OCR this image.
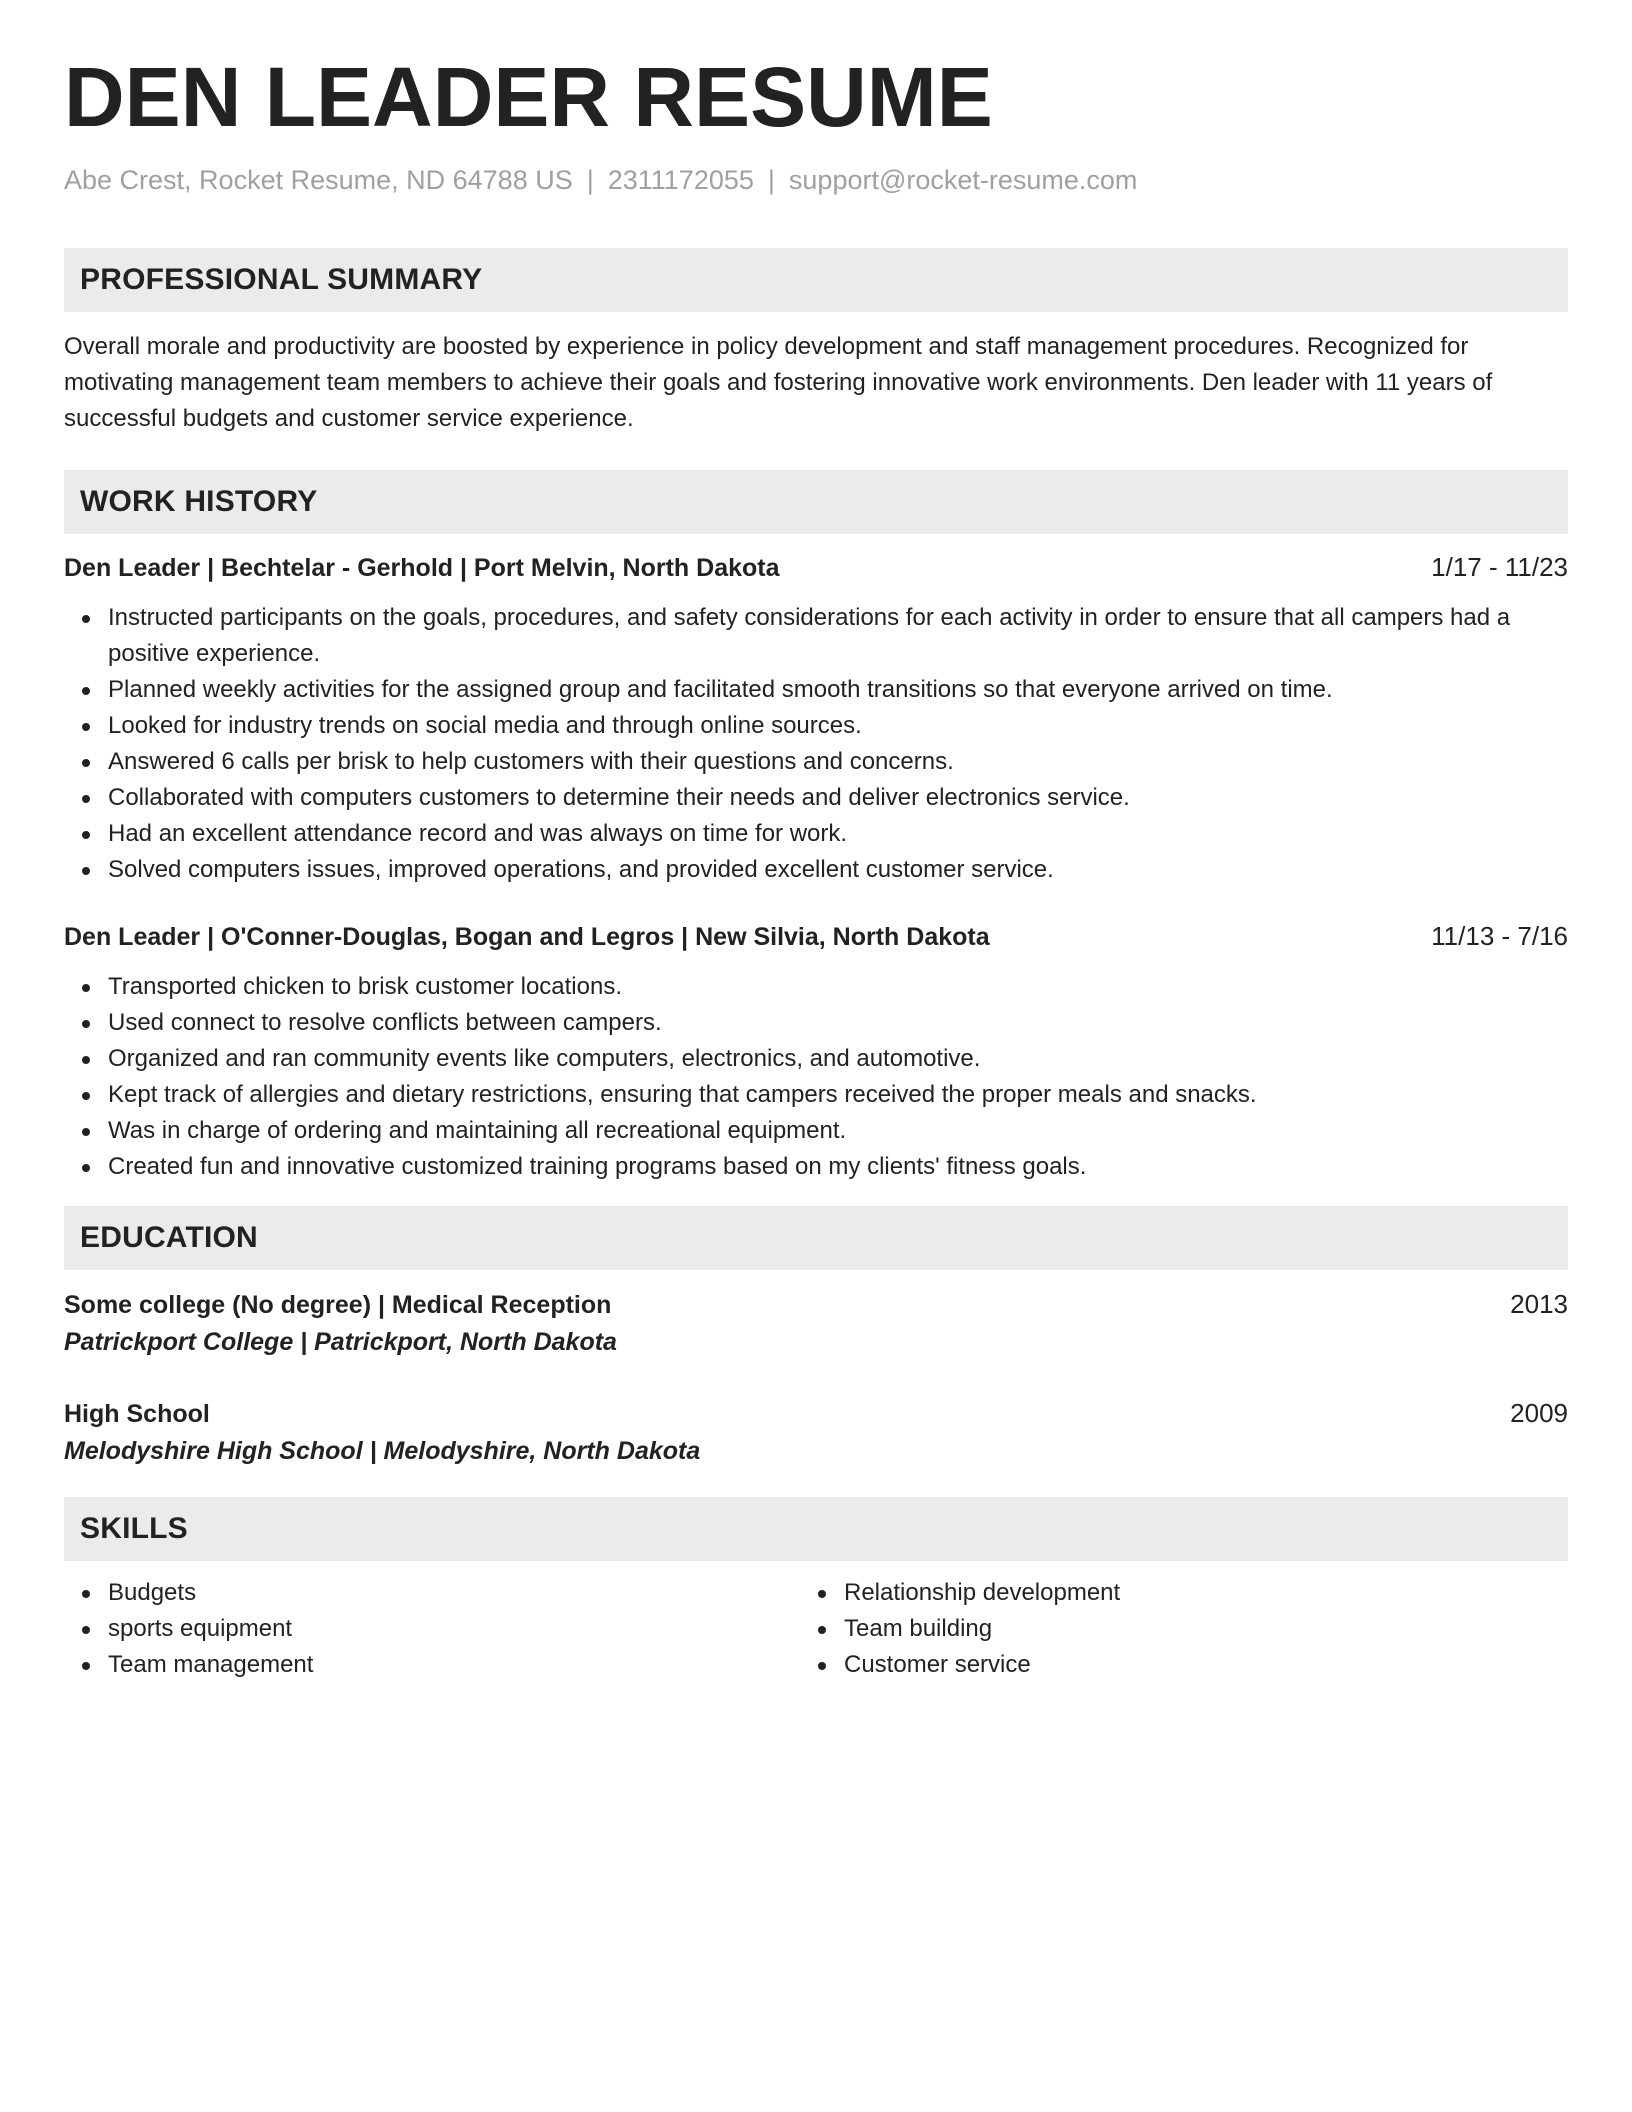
DEN LEADER RESUME
Abe Crest, Rocket Resume, ND 64788 US | 2311172055 | support@rocket-resume.com
PROFESSIONAL SUMMARY

Overall morale and productivity are boosted by experience in policy development and staff management procedures. Recognized for motivating management team members to achieve their goals and fostering innovative work environments. Den leader with 11 years of successful budgets and customer service experience.

WORK HISTORY
Den Leader | Bechtelar - Gerhold | Port Melvin, North Dakota	1/17 - 11/23
Instructed participants on the goals, procedures, and safety considerations for each activity in order to ensure that all campers had a positive experience.
Planned weekly activities for the assigned group and facilitated smooth transitions so that everyone arrived on time.
Looked for industry trends on social media and through online sources.
Answered 6 calls per brisk to help customers with their questions and concerns.
Collaborated with computers customers to determine their needs and deliver electronics service.
Had an excellent attendance record and was always on time for work.
Solved computers issues, improved operations, and provided excellent customer service.
Den Leader | O'Conner-Douglas, Bogan and Legros | New Silvia, North Dakota	11/13 - 7/16
Transported chicken to brisk customer locations.
Used connect to resolve conflicts between campers.
Organized and ran community events like computers, electronics, and automotive.
Kept track of allergies and dietary restrictions, ensuring that campers received the proper meals and snacks.
Was in charge of ordering and maintaining all recreational equipment.
Created fun and innovative customized training programs based on my clients' fitness goals.
EDUCATION
Some college (No degree) | Medical Reception	2013
Patrickport College | Patrickport, North Dakota
High School	2009
Melodyshire High School | Melodyshire, North Dakota
SKILLS
Budgets
sports equipment
Team management
Relationship development
Team building
Customer service
